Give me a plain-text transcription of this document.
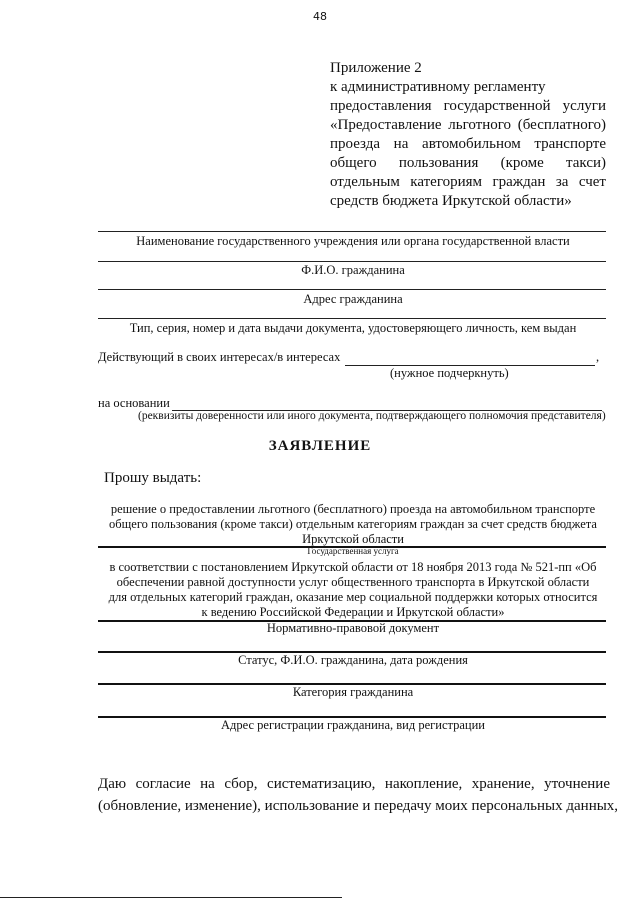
48
Приложение 2
к административному регламенту
предоставления государственной услуги
«Предоставление льготного (бесплатного)
проезда на автомобильном транспорте
общего пользования (кроме такси)
отдельным категориям граждан за счет
средств бюджета Иркутской области»
Наименование государственного учреждения или органа государственной власти
Ф.И.О. гражданина
Адрес гражданина
Тип, серия, номер и дата выдачи документа, удостоверяющего личность, кем выдан
Действующий в своих интересах/в интересах	,
(нужное подчеркнуть)
на основании
(реквизиты доверенности или иного документа, подтверждающего полномочия представителя)
ЗАЯВЛЕНИЕ
Прошу выдать:
решение о предоставлении льготного (бесплатного) проезда на автомобильном транспорте
общего пользования (кроме такси) отдельным категориям граждан за счет средств бюджета
Иркутской области
Государственная услуга
в соответствии с постановлением Иркутской области от 18 ноября 2013 года № 521-пп «Об
обеспечении равной доступности услуг общественного транспорта в Иркутской области
для отдельных категорий граждан, оказание мер социальной поддержки которых относится
к ведению Российской Федерации и Иркутской области»
Нормативно-правовой документ
Статус, Ф.И.О. гражданина, дата рождения
Категория гражданина
Адрес регистрации гражданина, вид регистрации
Даю согласие на сбор, систематизацию, накопление, хранение, уточнение
(обновление, изменение), использование и передачу моих персональных данных,
